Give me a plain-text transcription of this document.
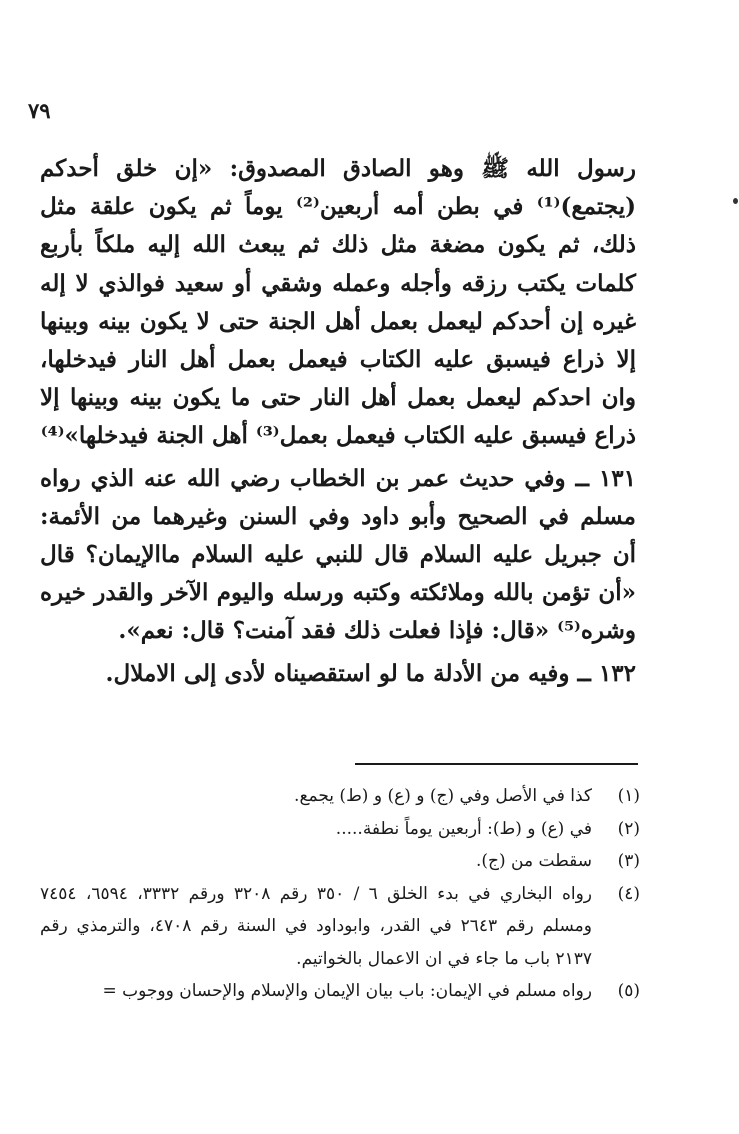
٧٩

رسول الله ﷺ وهو الصادق المصدوق: «إن خلق أحدكم (يجتمع)⁽¹⁾ في بطن أمه أربعين⁽²⁾ يوماً ثم يكون علقة مثل ذلك، ثم يكون مضغة مثل ذلك ثم يبعث الله إليه ملكاً بأربع كلمات يكتب رزقه وأجله وعمله وشقي أو سعيد فوالذي لا إله غيره إن أحدكم ليعمل بعمل أهل الجنة حتى لا يكون بينه وبينها إلا ذراع فيسبق عليه الكتاب فيعمل بعمل أهل النار فيدخلها، وان احدكم ليعمل بعمل أهل النار حتى ما يكون بينه وبينها إلا ذراع فيسبق عليه الكتاب فيعمل بعمل⁽³⁾ أهل الجنة فيدخلها»⁽⁴⁾

١٣١ ــ وفي حديث عمر بن الخطاب رضي الله عنه الذي رواه مسلم في الصحيح وأبو داود وفي السنن وغيرهما من الأئمة: أن جبريل عليه السلام قال للنبي عليه السلام ماالإيمان؟ قال «أن تؤمن بالله وملائكته وكتبه ورسله واليوم الآخر والقدر خيره وشره⁽⁵⁾ «قال: فإذا فعلت ذلك فقد آمنت؟ قال: نعم».

١٣٢ ــ وفيه من الأدلة ما لو استقصيناه لأدى إلى الاملال.

(١)
كذا في الأصل وفي (ج) و (ع) و (ط) يجمع.
(٢)
في (ع) و (ط): أربعين يوماً نطفة.....
(٣)
سقطت من (ج).
(٤)
رواه البخاري في بدء الخلق ٦ / ٣٥٠ رقم ٣٢٠٨ ورقم ٣٣٣٢، ٦٥٩٤، ٧٤٥٤ ومسلم رقم ٢٦٤٣ في القدر، وابوداود في السنة رقم ٤٧٠٨، والترمذي رقم ٢١٣٧ باب ما جاء في ان الاعمال بالخواتيم.
(٥)
رواه مسلم في الإيمان: باب بيان الإيمان والإسلام والإحسان ووجوب =
